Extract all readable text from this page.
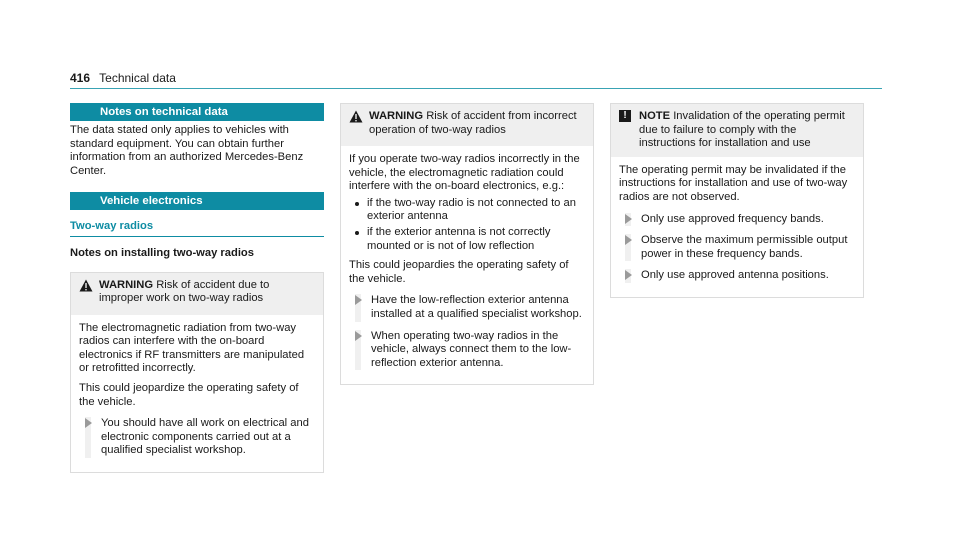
416 Technical data
Notes on technical data

The data stated only applies to vehicles with standard equipment. You can obtain further information from an authorized Mercedes-Benz Center.

Vehicle electronics
Two-way radios
Notes on installing two-way radios
WARNING Risk of accident due to improper work on two-way radios

The electromagnetic radiation from two-way radios can interfere with the on-board electronics if RF transmitters are manipulated or retrofitted incorrectly.

This could jeopardize the operating safety of the vehicle.

You should have all work on electrical and electronic components carried out at a qualified specialist workshop.
WARNING Risk of accident from incorrect operation of two-way radios

If you operate two-way radios incorrectly in the vehicle, the electromagnetic radiation could interfere with the on-board electronics, e.g.:

if the two-way radio is not connected to an exterior antenna
if the exterior antenna is not correctly mounted or is not of low reflection

This could jeopardies the operating safety of the vehicle.

Have the low-reflection exterior antenna installed at a qualified specialist workshop.
When operating two-way radios in the vehicle, always connect them to the low-reflection exterior antenna.
!	NOTE Invalidation of the operating permit due to failure to comply with the instructions for installation and use

The operating permit may be invalidated if the instructions for installation and use of two-way radios are not observed.

Only use approved frequency bands.
Observe the maximum permissible output power in these frequency bands.
Only use approved antenna positions.
